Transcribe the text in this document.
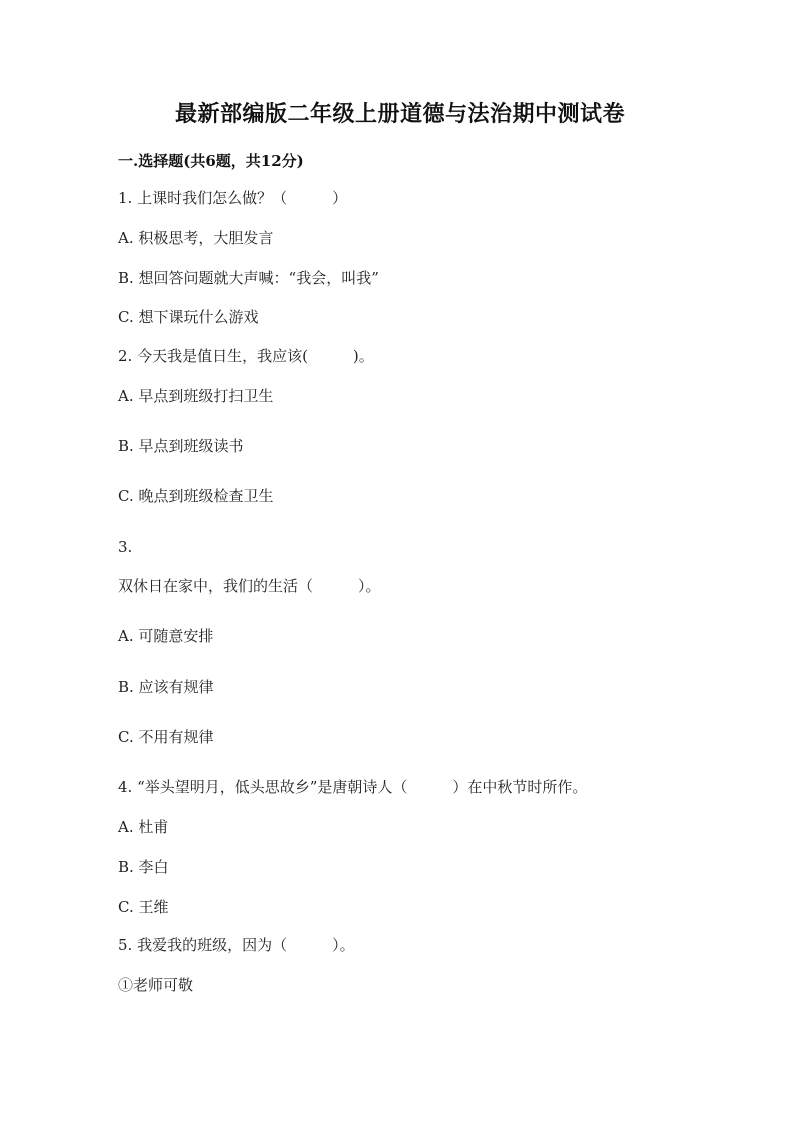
最新部编版二年级上册道德与法治期中测试卷
一.选择题(共6题，共12分)
1. 上课时我们怎么做？（　　　）
A. 积极思考，大胆发言
B. 想回答问题就大声喊：“我会，叫我”
C. 想下课玩什么游戏
2. 今天我是值日生，我应该(　　　)。
A. 早点到班级打扫卫生
B. 早点到班级读书
C. 晚点到班级检查卫生
3.
双休日在家中，我们的生活（　　　）。
A. 可随意安排
B. 应该有规律
C. 不用有规律
4. “举头望明月，低头思故乡”是唐朝诗人（　　　）在中秋节时所作。
A. 杜甫
B. 李白
C. 王维
5. 我爱我的班级，因为（　　　）。
①老师可敬
